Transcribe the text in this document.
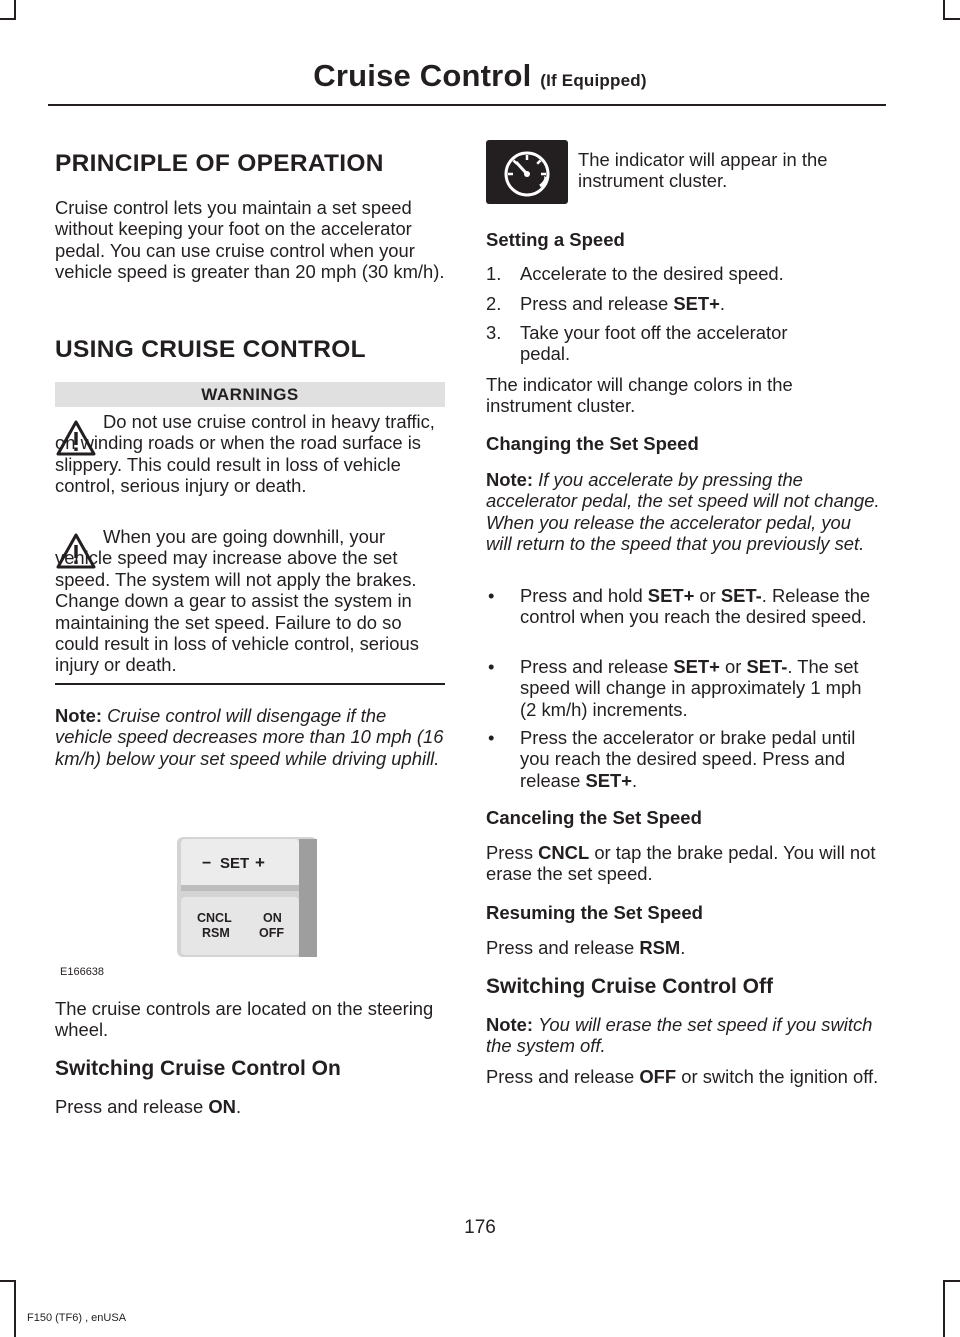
Cruise Control (If Equipped)
PRINCIPLE OF OPERATION
Cruise control lets you maintain a set speed without keeping your foot on the accelerator pedal. You can use cruise control when your vehicle speed is greater than 20 mph (30 km/h).
USING CRUISE CONTROL
WARNINGS
Do not use cruise control in heavy traffic, on winding roads or when the road surface is slippery. This could result in loss of vehicle control, serious injury or death.
When you are going downhill, your vehicle speed may increase above the set speed. The system will not apply the brakes. Change down a gear to assist the system in maintaining the set speed. Failure to do so could result in loss of vehicle control, serious injury or death.
Note: Cruise control will disengage if the vehicle speed decreases more than 10 mph (16 km/h) below your set speed while driving uphill.
− SET +
CNCL
RSM
ON
OFF
E166638
The cruise controls are located on the steering wheel.
Switching Cruise Control On
Press and release ON.
The indicator will appear in the instrument cluster.
Setting a Speed
1. Accelerate to the desired speed.
2. Press and release SET+.
3. Take your foot off the accelerator pedal.
The indicator will change colors in the instrument cluster.
Changing the Set Speed
Note: If you accelerate by pressing the accelerator pedal, the set speed will not change. When you release the accelerator pedal, you will return to the speed that you previously set.
• Press and hold SET+ or SET-. Release the control when you reach the desired speed.
• Press and release SET+ or SET-. The set speed will change in approximately 1 mph (2 km/h) increments.
• Press the accelerator or brake pedal until you reach the desired speed. Press and release SET+.
Canceling the Set Speed
Press CNCL or tap the brake pedal. You will not erase the set speed.
Resuming the Set Speed
Press and release RSM.
Switching Cruise Control Off
Note: You will erase the set speed if you switch the system off.
Press and release OFF or switch the ignition off.
176
F150 (TF6) , enUSA
